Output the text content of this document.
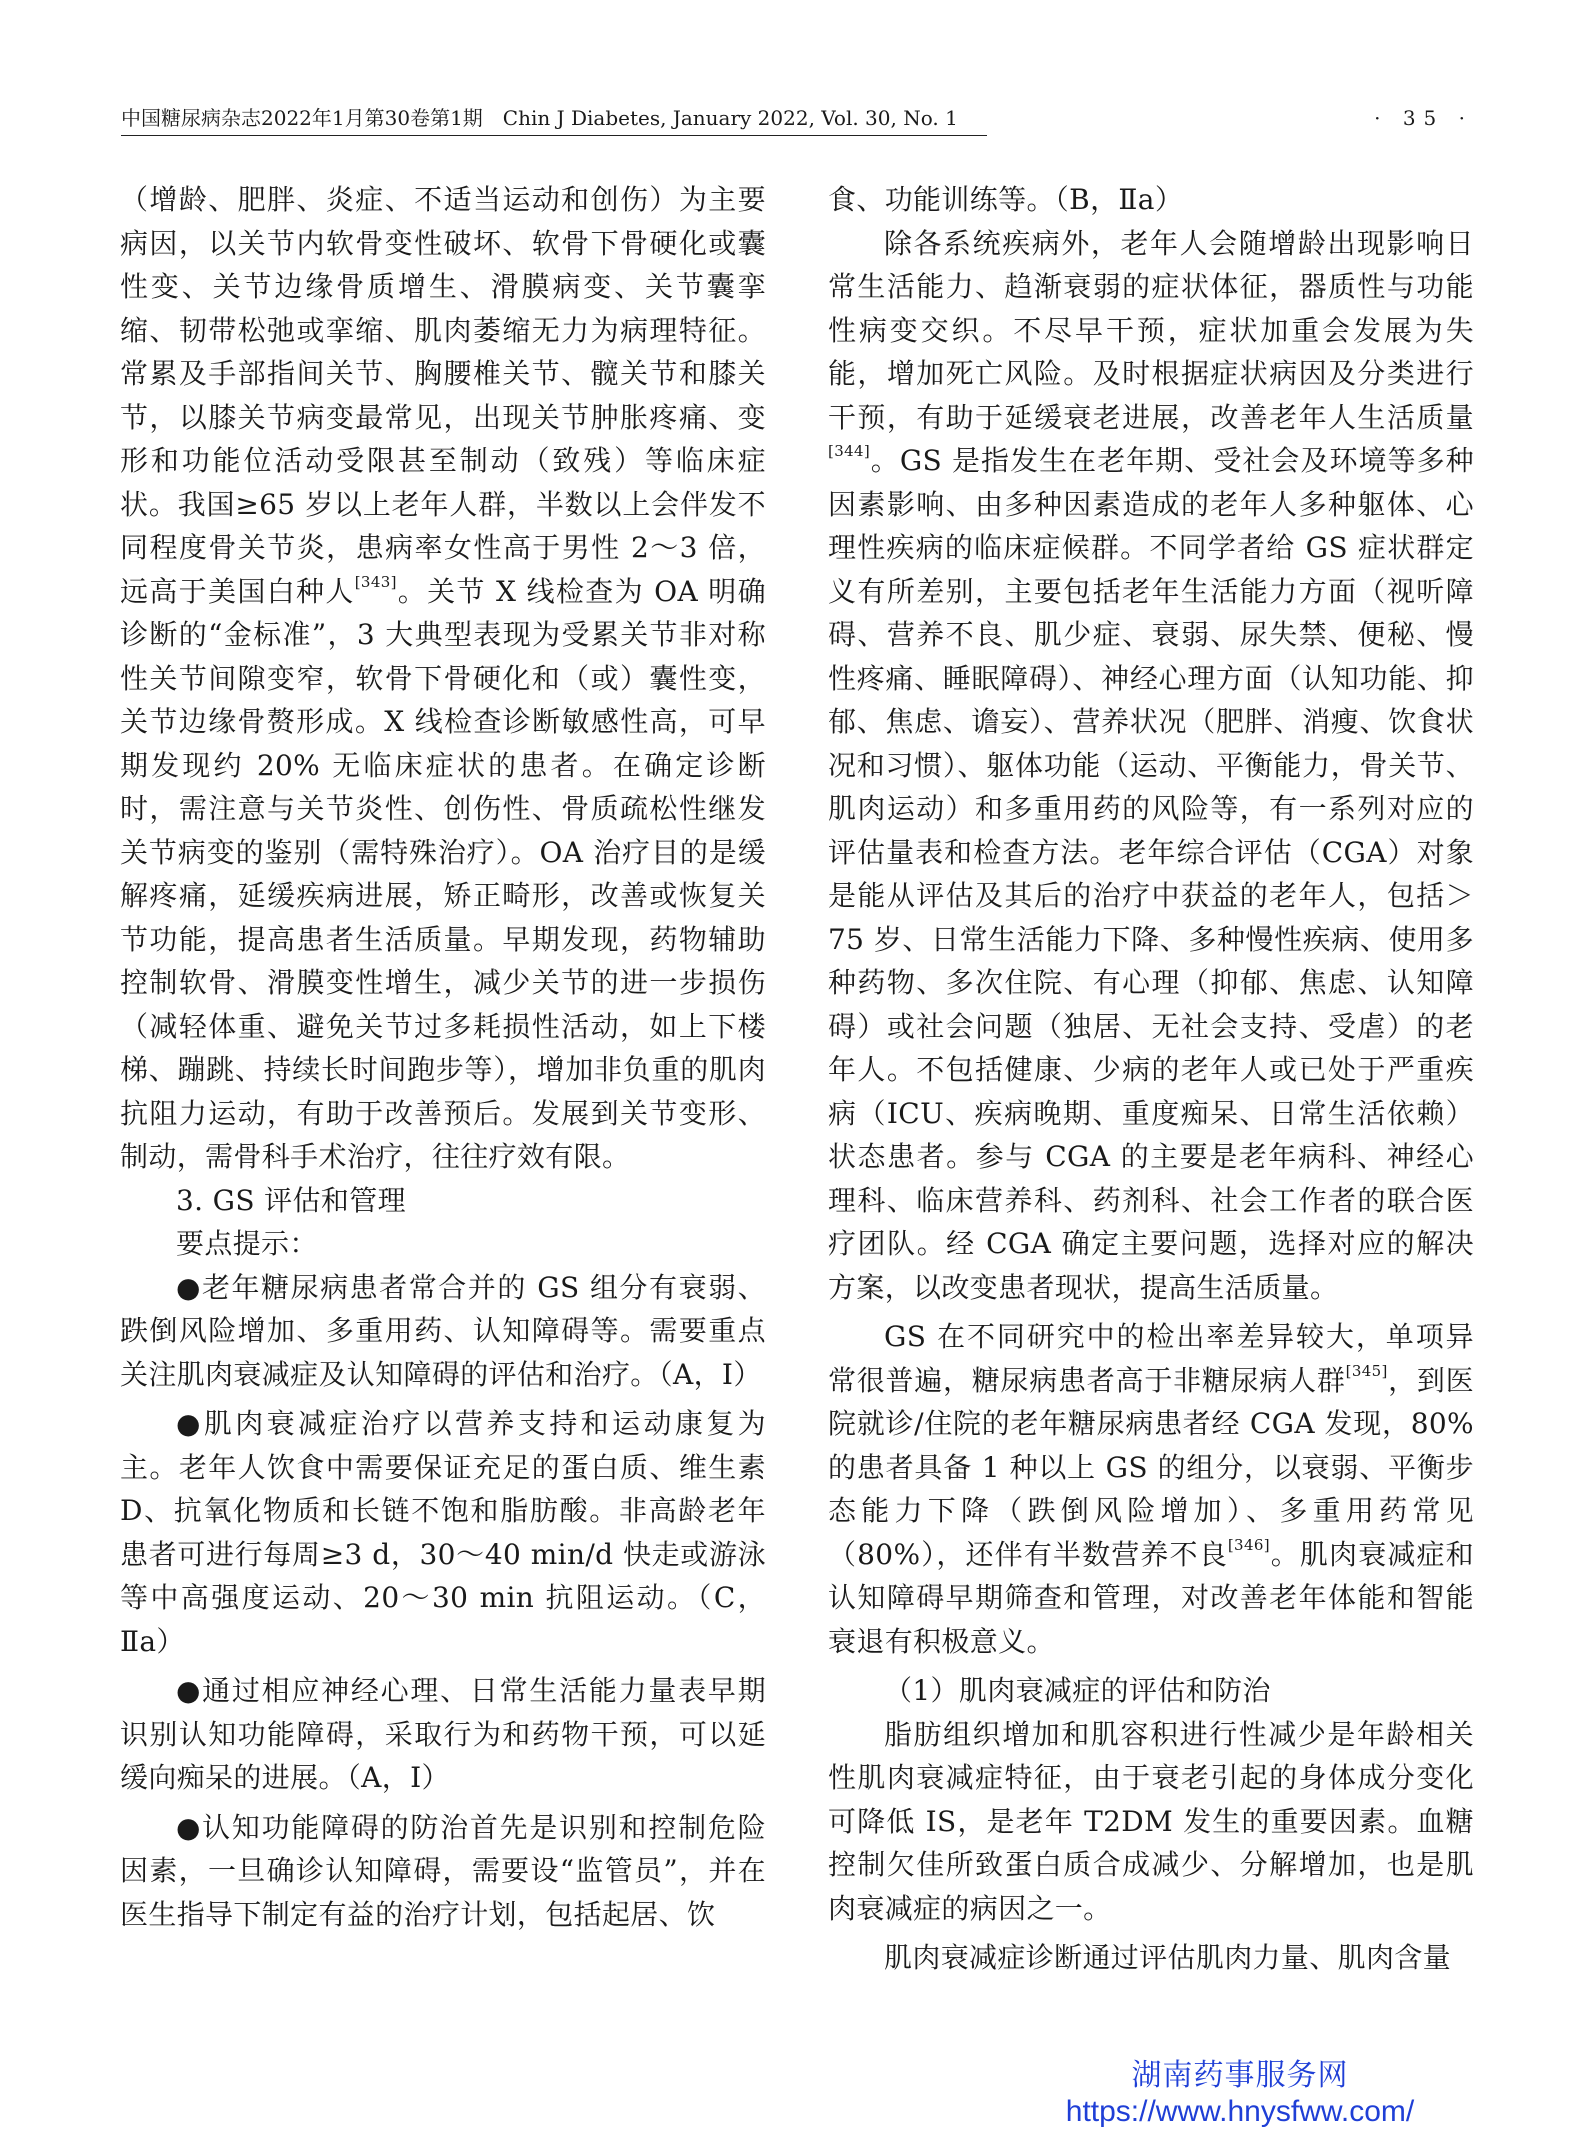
中国糖尿病杂志2022年1月第30卷第1期　Chin J Diabetes, January 2022, Vol. 30, No. 1	· 35 ·

（增龄、肥胖、炎症、不适当运动和创伤）为主要病因，以关节内软骨变性破坏、软骨下骨硬化或囊性变、关节边缘骨质增生、滑膜病变、关节囊挛缩、韧带松弛或挛缩、肌肉萎缩无力为病理特征。常累及手部指间关节、胸腰椎关节、髋关节和膝关节，以膝关节病变最常见，出现关节肿胀疼痛、变形和功能位活动受限甚至制动（致残）等临床症状。我国≥65 岁以上老年人群，半数以上会伴发不同程度骨关节炎，患病率女性高于男性 2～3 倍，远高于美国白种人[343]。关节 X 线检查为 OA 明确诊断的“金标准”，3 大典型表现为受累关节非对称性关节间隙变窄，软骨下骨硬化和（或）囊性变，关节边缘骨赘形成。X 线检查诊断敏感性高，可早期发现约 20% 无临床症状的患者。在确定诊断时，需注意与关节炎性、创伤性、骨质疏松性继发关节病变的鉴别（需特殊治疗）。OA 治疗目的是缓解疼痛，延缓疾病进展，矫正畸形，改善或恢复关节功能，提高患者生活质量。早期发现，药物辅助控制软骨、滑膜变性增生，减少关节的进一步损伤（减轻体重、避免关节过多耗损性活动，如上下楼梯、蹦跳、持续长时间跑步等），增加非负重的肌肉抗阻力运动，有助于改善预后。发展到关节变形、制动，需骨科手术治疗，往往疗效有限。

3. GS 评估和管理

要点提示：

●老年糖尿病患者常合并的 GS 组分有衰弱、跌倒风险增加、多重用药、认知障碍等。需要重点关注肌肉衰减症及认知障碍的评估和治疗。（A，Ⅰ）

●肌肉衰减症治疗以营养支持和运动康复为主。老年人饮食中需要保证充足的蛋白质、维生素 D、抗氧化物质和长链不饱和脂肪酸。非高龄老年患者可进行每周≥3 d，30～40 min/d 快走或游泳等中高强度运动、20～30 min 抗阻运动。（C，Ⅱa）

●通过相应神经心理、日常生活能力量表早期识别认知功能障碍，采取行为和药物干预，可以延缓向痴呆的进展。（A，Ⅰ）

●认知功能障碍的防治首先是识别和控制危险因素，一旦确诊认知障碍，需要设“监管员”，并在医生指导下制定有益的治疗计划，包括起居、饮

食、功能训练等。（B，Ⅱa）

除各系统疾病外，老年人会随增龄出现影响日常生活能力、趋渐衰弱的症状体征，器质性与功能性病变交织。不尽早干预，症状加重会发展为失能，增加死亡风险。及时根据症状病因及分类进行干预，有助于延缓衰老进展，改善老年人生活质量[344]。GS 是指发生在老年期、受社会及环境等多种因素影响、由多种因素造成的老年人多种躯体、心理性疾病的临床症候群。不同学者给 GS 症状群定义有所差别，主要包括老年生活能力方面（视听障碍、营养不良、肌少症、衰弱、尿失禁、便秘、慢性疼痛、睡眠障碍）、神经心理方面（认知功能、抑郁、焦虑、谵妄）、营养状况（肥胖、消瘦、饮食状况和习惯）、躯体功能（运动、平衡能力，骨关节、肌肉运动）和多重用药的风险等，有一系列对应的评估量表和检查方法。老年综合评估（CGA）对象是能从评估及其后的治疗中获益的老年人，包括＞75 岁、日常生活能力下降、多种慢性疾病、使用多种药物、多次住院、有心理（抑郁、焦虑、认知障碍）或社会问题（独居、无社会支持、受虐）的老年人。不包括健康、少病的老年人或已处于严重疾病（ICU、疾病晚期、重度痴呆、日常生活依赖）状态患者。参与 CGA 的主要是老年病科、神经心理科、临床营养科、药剂科、社会工作者的联合医疗团队。经 CGA 确定主要问题，选择对应的解决方案，以改变患者现状，提高生活质量。

GS 在不同研究中的检出率差异较大，单项异常很普遍，糖尿病患者高于非糖尿病人群[345]，到医院就诊/住院的老年糖尿病患者经 CGA 发现，80% 的患者具备 1 种以上 GS 的组分，以衰弱、平衡步态能力下降（跌倒风险增加）、多重用药常见（80%），还伴有半数营养不良[346]。肌肉衰减症和认知障碍早期筛查和管理，对改善老年体能和智能衰退有积极意义。

（1）肌肉衰减症的评估和防治

脂肪组织增加和肌容积进行性减少是年龄相关性肌肉衰减症特征，由于衰老引起的身体成分变化可降低 IS，是老年 T2DM 发生的重要因素。血糖控制欠佳所致蛋白质合成减少、分解增加，也是肌肉衰减症的病因之一。

肌肉衰减症诊断通过评估肌肉力量、肌肉含量

湖南药事服务网
https://www.hnysfww.com/
